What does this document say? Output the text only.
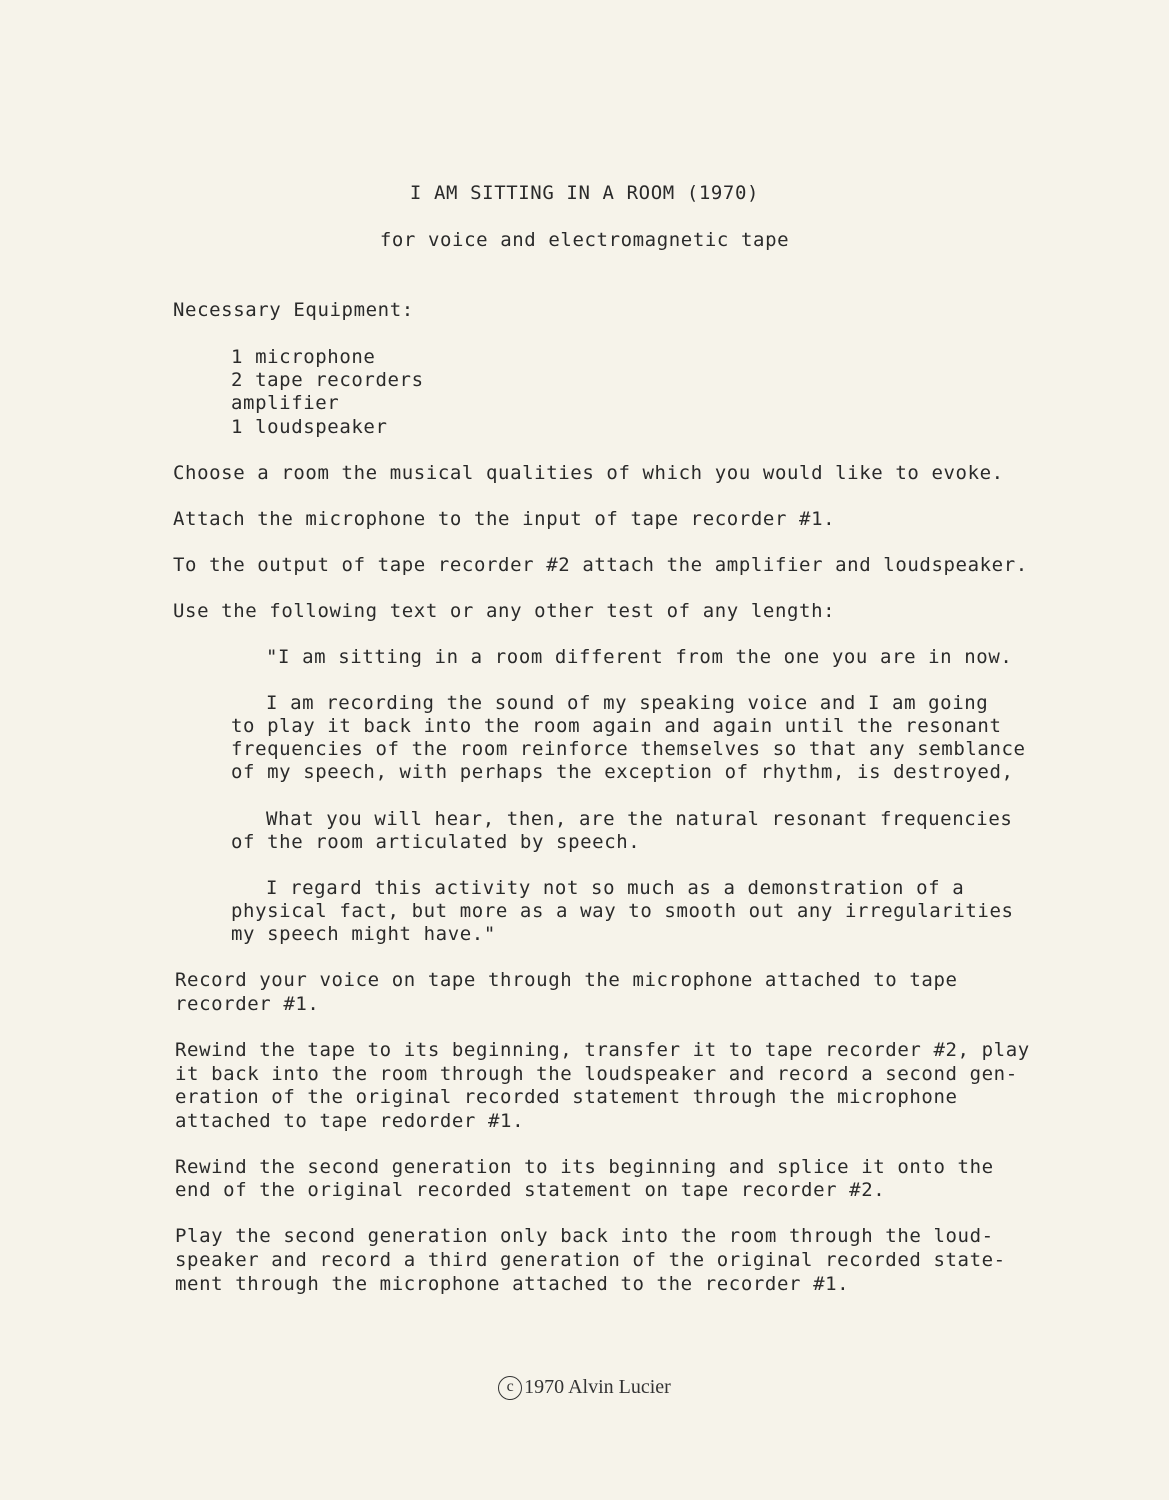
I AM SITTING IN A ROOM (1970)

for voice and electromagnetic tape

Necessary Equipment:

1 microphone

2 tape recorders

amplifier

1 loudspeaker

Choose a room the musical qualities of which you would like to evoke.

Attach the microphone to the input of tape recorder #1.

To the output of tape recorder #2 attach the amplifier and loudspeaker.

Use the following text or any other test of any length:

"I am sitting in a room different from the one you are in now.

I am recording the sound of my speaking voice and I am going

to play it back into the room again and again until the resonant

frequencies of the room reinforce themselves so that any semblance

of my speech, with perhaps the exception of rhythm, is destroyed,

What you will hear, then, are the natural resonant frequencies

of the room articulated by speech.

I regard this activity not so much as a demonstration of a

physical fact, but more as a way to smooth out any irregularities

my speech might have."

Record your voice on tape through the microphone attached to tape

recorder #1.

Rewind the tape to its beginning, transfer it to tape recorder #2, play

it back into the room through the loudspeaker and record a second gen-

eration of the original recorded statement through the microphone

attached to tape redorder #1.

Rewind the second generation to its beginning and splice it onto the

end of the original recorded statement on tape recorder #2.

Play the second generation only back into the room through the loud-

speaker and record a third generation of the original recorded state-

ment through the microphone attached to the recorder #1.

c 1970 Alvin Lucier
